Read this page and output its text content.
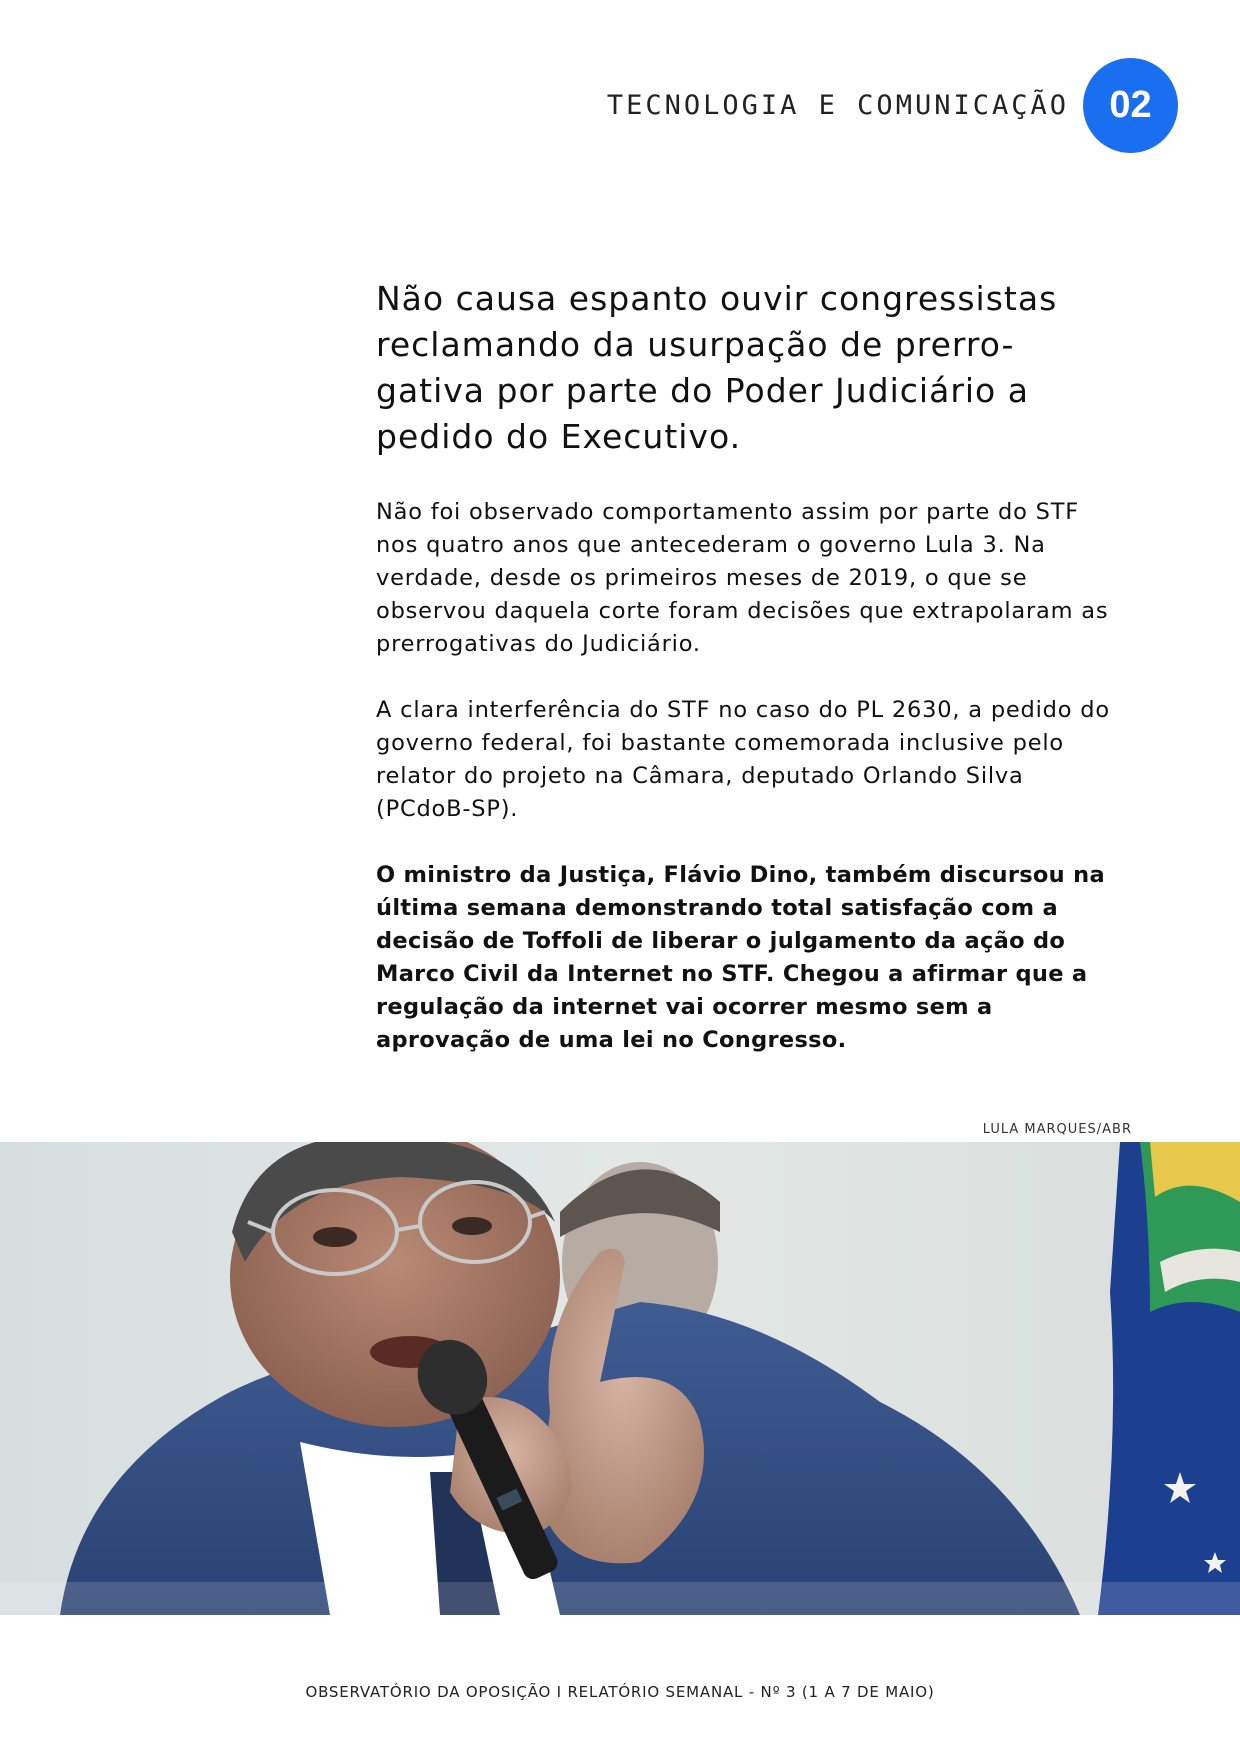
TECNOLOGIA E COMUNICAÇÃO	02
Não causa espanto ouvir congressistas reclamando da usurpação de prerro- gativa por parte do Poder Judiciário a pedido do Executivo.

Não foi observado comportamento assim por parte do STF nos quatro anos que antecederam o governo Lula 3. Na verdade, desde os primeiros meses de 2019, o que se observou daquela corte foram decisões que extrapolaram as prerrogativas do Judiciário.

A clara interferência do STF no caso do PL 2630, a pedido do governo federal, foi bastante comemorada inclusive pelo relator do projeto na Câmara, deputado Orlando Silva (PCdoB-SP).

O ministro da Justiça, Flávio Dino, também discursou na última semana demonstrando total satisfação com a decisão de Toffoli de liberar o julgamento da ação do Marco Civil da Internet no STF. Chegou a afirmar que a regulação da internet vai ocorrer mesmo sem a aprovação de uma lei no Congresso.

LULA MARQUES/ABR
OBSERVATÓRIO DA OPOSIÇÃO I RELATÓRIO SEMANAL - Nº 3 (1 A 7 DE MAIO)
